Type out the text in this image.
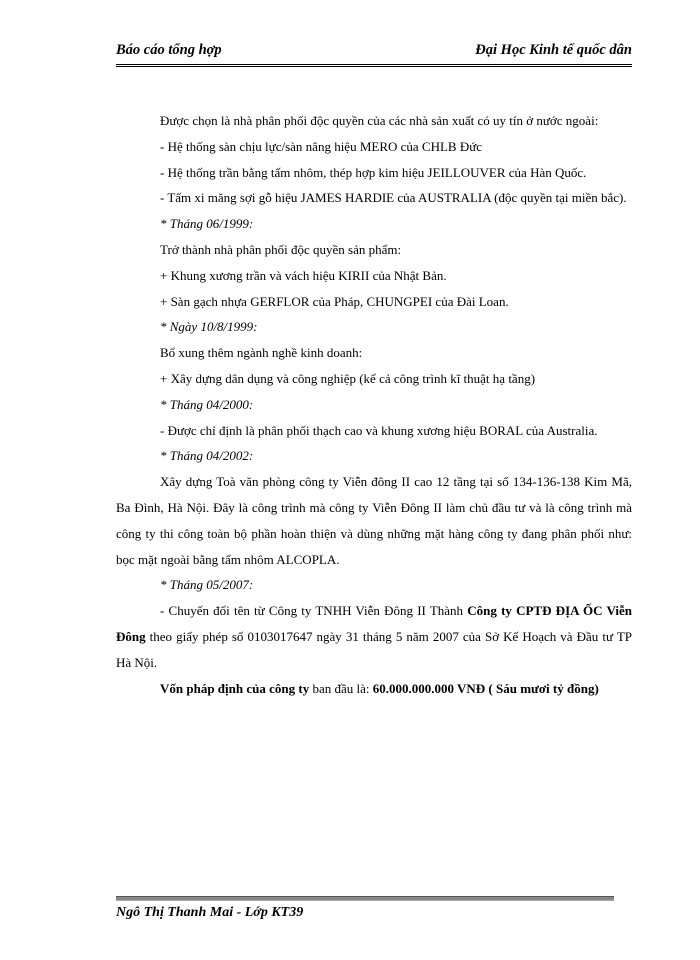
Báo cáo tổng hợp	Đại Học Kinh tế quốc dân

Được chọn là nhà phân phối độc quyền của các nhà sản xuất có uy tín ở nước ngoài:

- Hệ thống sàn chịu lực/sàn nâng hiệu MERO của CHLB Đức

- Hệ thống trần bằng tấm nhôm, thép hợp kim hiệu JEILLOUVER của Hàn Quốc.

- Tấm xi măng sợi gỗ hiệu JAMES HARDIE của AUSTRALIA (độc quyền tại miền bắc).

* Tháng 06/1999:

Trở thành nhà phân phối độc quyền sản phẩm:

+ Khung xương trần và vách hiệu KIRII của Nhật Bản.

+ Sàn gạch nhựa GERFLOR của Pháp, CHUNGPEI của Đài Loan.

* Ngày 10/8/1999:

Bổ xung thêm ngành nghề kinh doanh:

+ Xây dựng dân dụng và công nghiệp (kể cả công trình kĩ thuật hạ tầng)

* Tháng 04/2000:

- Được chỉ định là phân phối thạch cao và khung xương hiệu BORAL của Australia.

* Tháng 04/2002:

Xây dựng Toà văn phòng công ty Viễn đông II cao 12 tầng tại số 134-136-138 Kim Mã, Ba Đình, Hà Nội. Đây là công trình mà công ty Viễn Đông II làm chủ đầu tư và là công trình mà công ty thi công toàn bộ phần hoàn thiện và dùng những mặt hàng công ty đang phân phối như: bọc mặt ngoài bằng tấm nhôm ALCOPLA.

* Tháng 05/2007:

- Chuyển đổi tên từ Công ty TNHH Viễn Đông II Thành Công ty CPTĐ ĐỊA ỐC Viễn Đông theo giấy phép số 0103017647 ngày 31 tháng 5 năm 2007 của Sở Kế Hoạch và Đầu tư TP Hà Nội.

Vốn pháp định của công ty ban đầu là: 60.000.000.000 VNĐ ( Sáu mươi tỷ đồng)

Ngô Thị Thanh Mai - Lớp KT39
